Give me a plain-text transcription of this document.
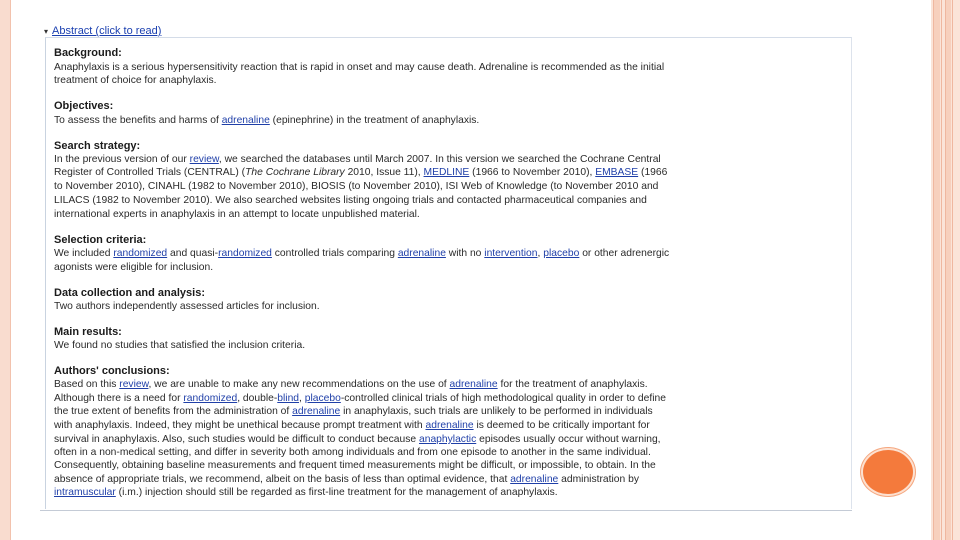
▾ Abstract (click to read)

Background:

Anaphylaxis is a serious hypersensitivity reaction that is rapid in onset and may cause death. Adrenaline is recommended as the initial

treatment of choice for anaphylaxis.

Objectives:

To assess the benefits and harms of adrenaline (epinephrine) in the treatment of anaphylaxis.

Search strategy:

In the previous version of our review, we searched the databases until March 2007. In this version we searched the Cochrane Central

Register of Controlled Trials (CENTRAL) (The Cochrane Library 2010, Issue 11), MEDLINE (1966 to November 2010), EMBASE (1966

to November 2010), CINAHL (1982 to November 2010), BIOSIS (to November 2010), ISI Web of Knowledge (to November 2010 and

LILACS (1982 to November 2010). We also searched websites listing ongoing trials and contacted pharmaceutical companies and

international experts in anaphylaxis in an attempt to locate unpublished material.

Selection criteria:

We included randomized and quasi-randomized controlled trials comparing adrenaline with no intervention, placebo or other adrenergic

agonists were eligible for inclusion.

Data collection and analysis:

Two authors independently assessed articles for inclusion.

Main results:

We found no studies that satisfied the inclusion criteria.

Authors' conclusions:

Based on this review, we are unable to make any new recommendations on the use of adrenaline for the treatment of anaphylaxis.

Although there is a need for randomized, double-blind, placebo-controlled clinical trials of high methodological quality in order to define

the true extent of benefits from the administration of adrenaline in anaphylaxis, such trials are unlikely to be performed in individuals

with anaphylaxis. Indeed, they might be unethical because prompt treatment with adrenaline is deemed to be critically important for

survival in anaphylaxis. Also, such studies would be difficult to conduct because anaphylactic episodes usually occur without warning,

often in a non-medical setting, and differ in severity both among individuals and from one episode to another in the same individual.

Consequently, obtaining baseline measurements and frequent timed measurements might be difficult, or impossible, to obtain. In the

absence of appropriate trials, we recommend, albeit on the basis of less than optimal evidence, that adrenaline administration by

intramuscular (i.m.) injection should still be regarded as first-line treatment for the management of anaphylaxis.
